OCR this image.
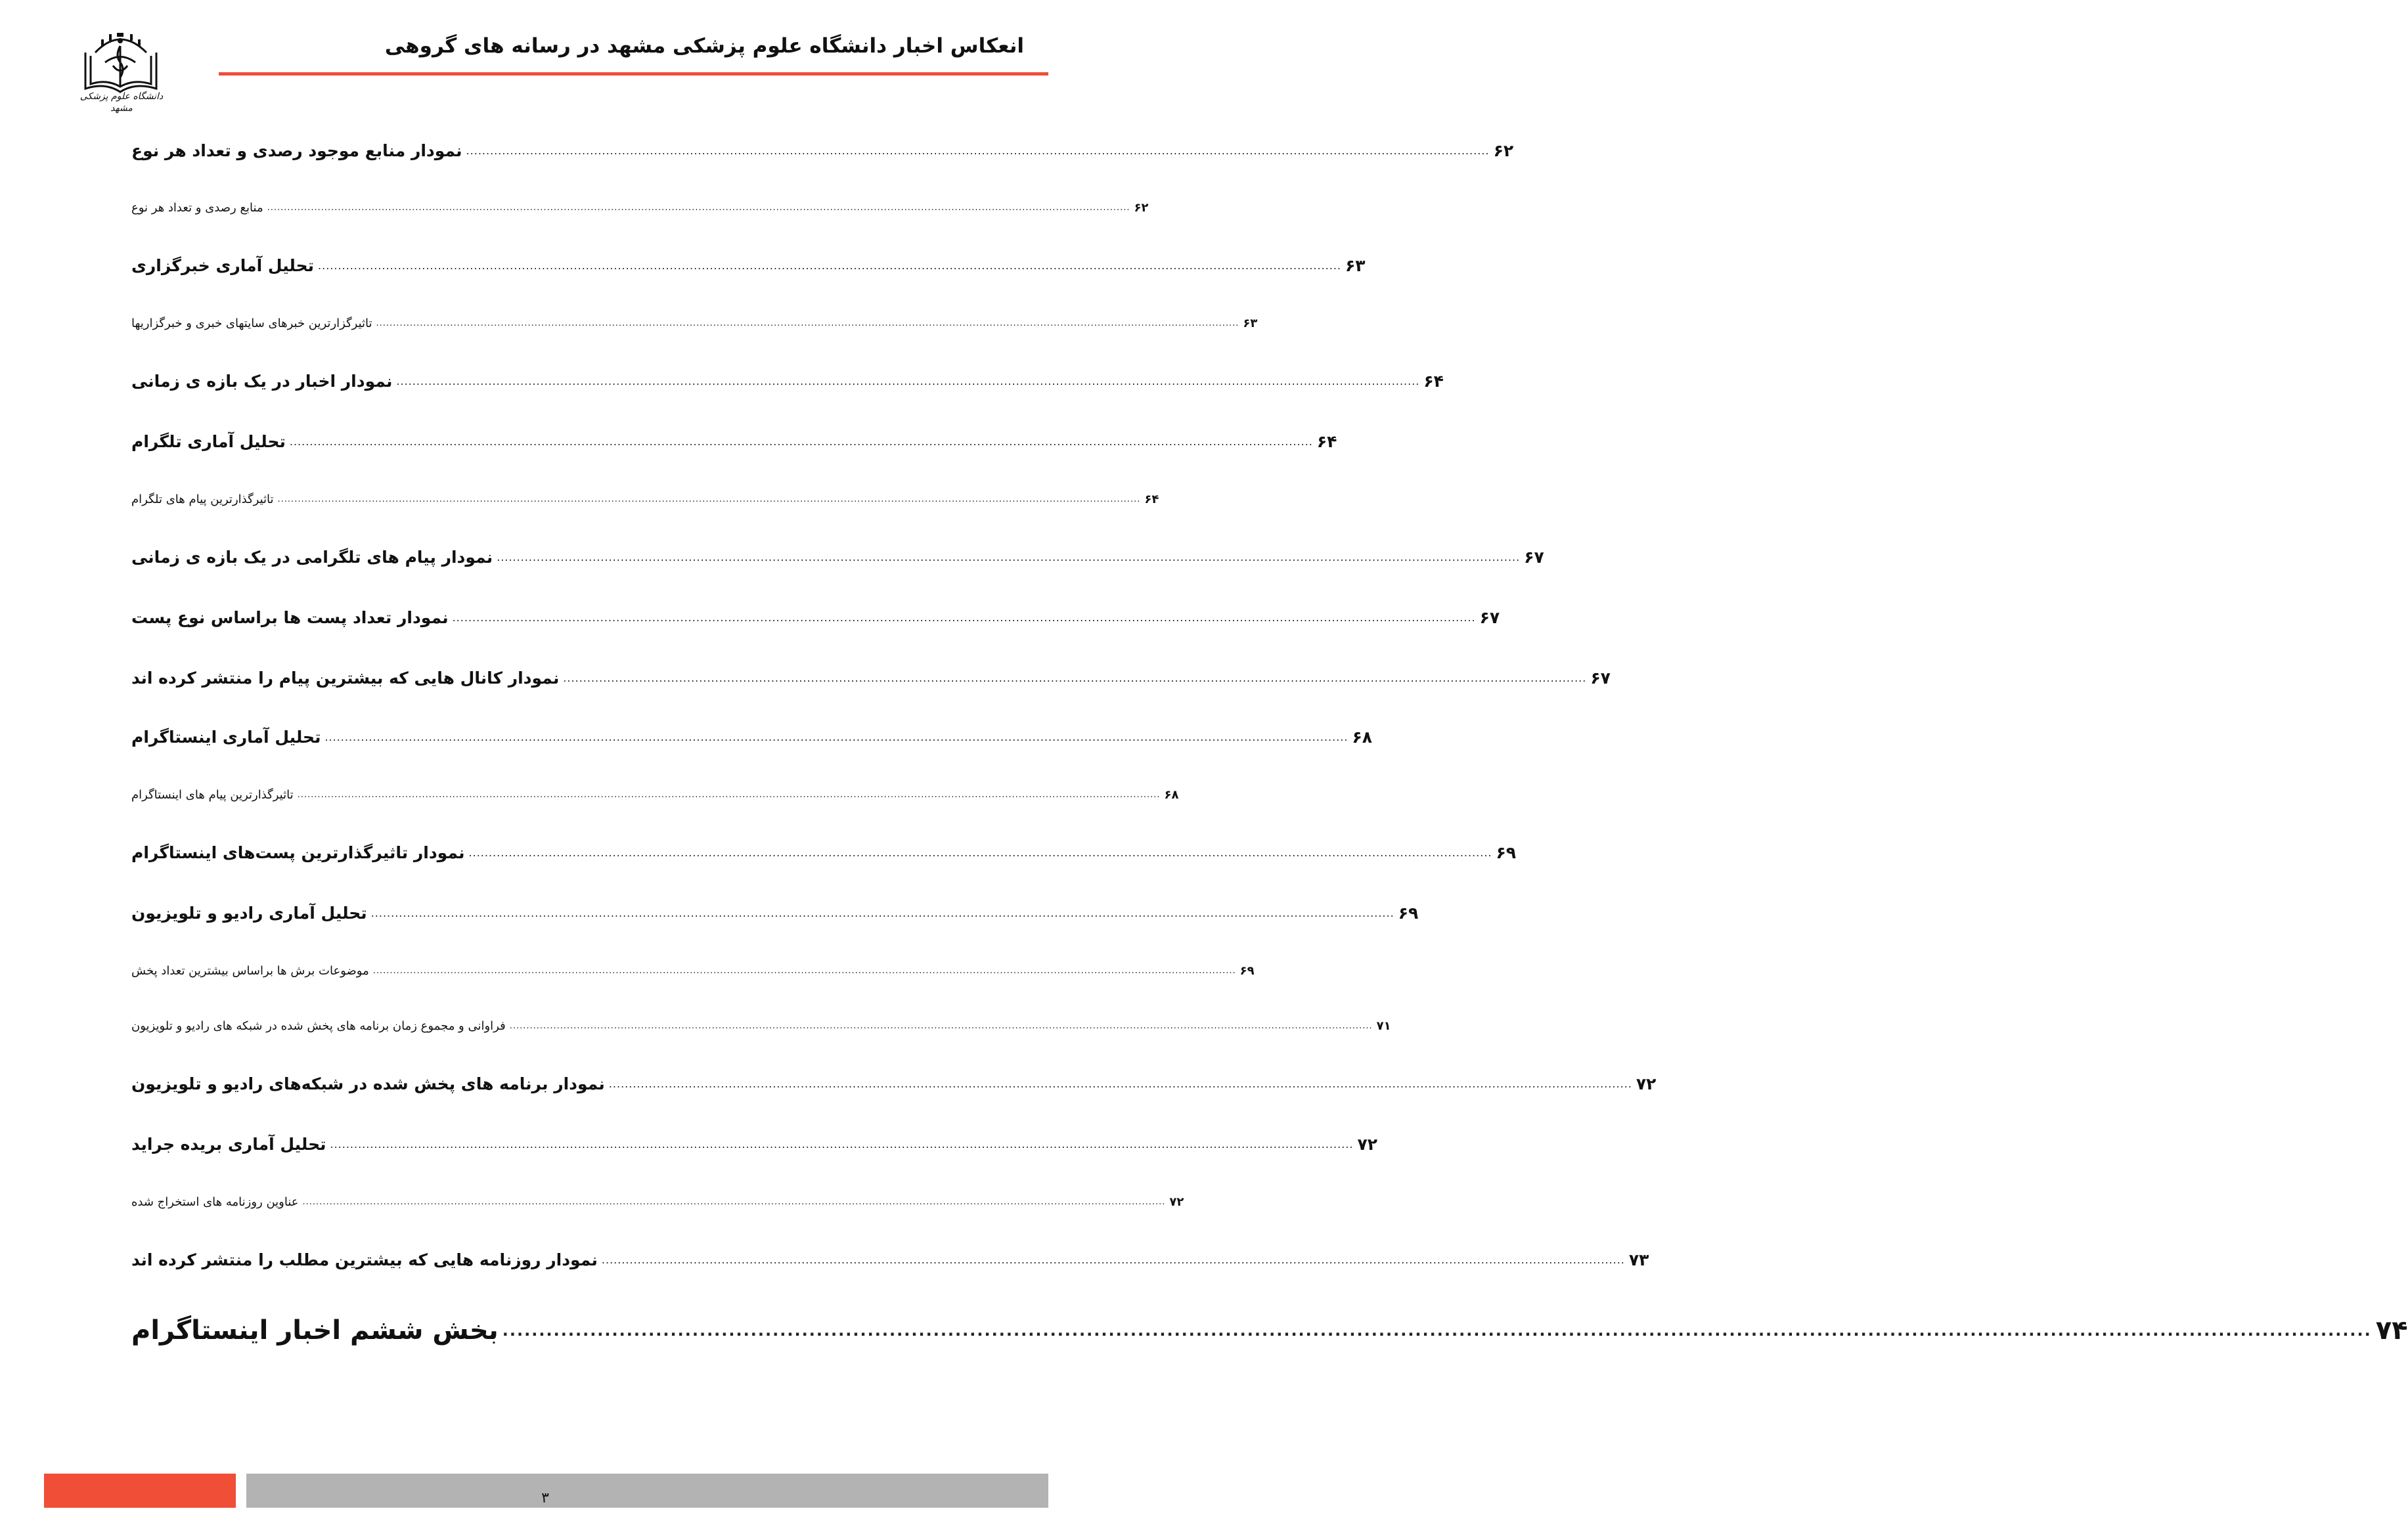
انعکاس اخبار دانشگاه علوم پزشکی مشهد در رسانه های گروهی
دانشگاه علوم پزشکی مشهد
نمودار منابع موجود رصدی و تعداد هر نوع ................................................................................................................................................................................................................................................................ ۶۲
منابع رصدی و تعداد هر نوع ................................................................................................................................................................................................................................................................ ۶۲
تحلیل آماری خبرگزاری ................................................................................................................................................................................................................................................................ ۶۳
تاثیرگزارترین خبرهای سایتهای خبری و خبرگزاریها ................................................................................................................................................................................................................................................................ ۶۳
نمودار اخبار در یک بازه ی زمانی ................................................................................................................................................................................................................................................................ ۶۴
تحلیل آماری تلگرام ................................................................................................................................................................................................................................................................ ۶۴
تاثیرگذارترین پیام های تلگرام ................................................................................................................................................................................................................................................................ ۶۴
نمودار پیام های تلگرامی در یک بازه ی زمانی ................................................................................................................................................................................................................................................................ ۶۷
نمودار تعداد پست ها براساس نوع پست ................................................................................................................................................................................................................................................................ ۶۷
نمودار کانال هایی که بیشترین پیام را منتشر کرده اند ................................................................................................................................................................................................................................................................ ۶۷
تحلیل آماری اینستاگرام ................................................................................................................................................................................................................................................................ ۶۸
تاثیرگذارترین پیام های اینستاگرام ................................................................................................................................................................................................................................................................ ۶۸
نمودار تاثیرگذارترین پست‌های اینستاگرام ................................................................................................................................................................................................................................................................ ۶۹
تحلیل آماری رادیو و تلویزیون ................................................................................................................................................................................................................................................................ ۶۹
موضوعات برش ها براساس بیشترین تعداد پخش ................................................................................................................................................................................................................................................................ ۶۹
فراوانی و مجموع زمان برنامه های پخش شده در شبکه های رادیو و تلویزیون ................................................................................................................................................................................................................................................................ ۷۱
نمودار برنامه های پخش شده در شبکه‌های رادیو و تلویزیون ................................................................................................................................................................................................................................................................ ۷۲
تحلیل آماری بریده جراید ................................................................................................................................................................................................................................................................ ۷۲
عناوین روزنامه های استخراج شده ................................................................................................................................................................................................................................................................ ۷۲
نمودار روزنامه هایی که بیشترین مطلب را منتشر کرده اند ................................................................................................................................................................................................................................................................ ۷۳
بخش ششم اخبار اینستاگرام ................................................................................................................................................................................................................................................................ ۷۴
۳
